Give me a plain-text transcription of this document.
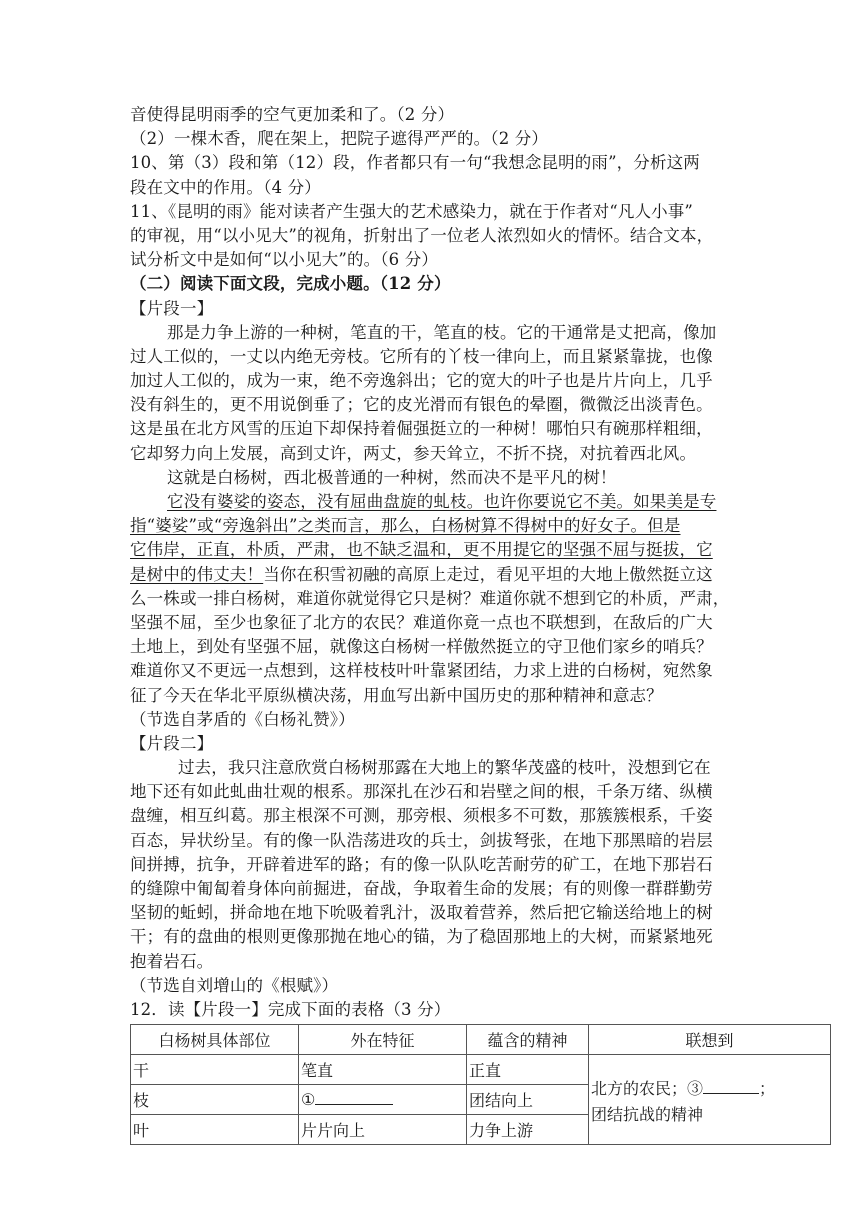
音使得昆明雨季的空气更加柔和了。（2 分）
（2）一棵木香，爬在架上，把院子遮得严严的。（2 分）
10、第（3）段和第（12）段，作者都只有一句“我想念昆明的雨”，分析这两
段在文中的作用。（4 分）
11、《昆明的雨》能对读者产生强大的艺术感染力，就在于作者对“凡人小事”
的审视，用“以小见大”的视角，折射出了一位老人浓烈如火的情怀。结合文本，
试分析文中是如何“以小见大”的。（6 分）
（二）阅读下面文段，完成小题。（12 分）
【片段一】
那是力争上游的一种树，笔直的干，笔直的枝。它的干通常是丈把高，像加
过人工似的，一丈以内绝无旁枝。它所有的丫枝一律向上，而且紧紧靠拢，也像
加过人工似的，成为一束，绝不旁逸斜出；它的宽大的叶子也是片片向上，几乎
没有斜生的，更不用说倒垂了；它的皮光滑而有银色的晕圈，微微泛出淡青色。
这是虽在北方风雪的压迫下却保持着倔强挺立的一种树！哪怕只有碗那样粗细，
它却努力向上发展，高到丈许，两丈，参天耸立，不折不挠，对抗着西北风。
这就是白杨树，西北极普通的一种树，然而决不是平凡的树！
它没有婆娑的姿态，没有屈曲盘旋的虬枝。也许你要说它不美。如果美是专
指“婆娑”或“旁逸斜出”之类而言，那么，白杨树算不得树中的好女子。但是
它伟岸，正直，朴质，严肃，也不缺乏温和，更不用提它的坚强不屈与挺拔，它
是树中的伟丈夫！当你在积雪初融的高原上走过，看见平坦的大地上傲然挺立这
么一株或一排白杨树，难道你就觉得它只是树？难道你就不想到它的朴质，严肃，
坚强不屈，至少也象征了北方的农民？难道你竟一点也不联想到，在敌后的广大
土地上，到处有坚强不屈，就像这白杨树一样傲然挺立的守卫他们家乡的哨兵？
难道你又不更远一点想到，这样枝枝叶叶靠紧团结，力求上进的白杨树，宛然象
征了今天在华北平原纵横决荡，用血写出新中国历史的那种精神和意志？
（节选自茅盾的《白杨礼赞》）
【片段二】
过去，我只注意欣赏白杨树那露在大地上的繁华茂盛的枝叶，没想到它在
地下还有如此虬曲壮观的根系。那深扎在沙石和岩壁之间的根，千条万绪、纵横
盘缠，相互纠葛。那主根深不可测，那旁根、须根多不可数，那簇簇根系，千姿
百态，异状纷呈。有的像一队浩荡进攻的兵士，剑拔弩张，在地下那黑暗的岩层
间拼搏，抗争，开辟着进军的路；有的像一队队吃苦耐劳的矿工，在地下那岩石
的缝隙中匍匐着身体向前掘进，奋战，争取着生命的发展；有的则像一群群勤劳
坚韧的蚯蚓，拼命地在地下吮吸着乳汁，汲取着营养，然后把它输送给地上的树
干；有的盘曲的根则更像那抛在地心的锚，为了稳固那地上的大树，而紧紧地死
抱着岩石。
（节选自刘增山的《根赋》）
12．读【片段一】完成下面的表格（3 分）
白杨树具体部位	外在特征	蕴含的精神	联想到
干	笔直	正直	北方的农民；③ ；
团结抗战的精神

枝	①	团结向上	
叶	片片向上	力争上游	
